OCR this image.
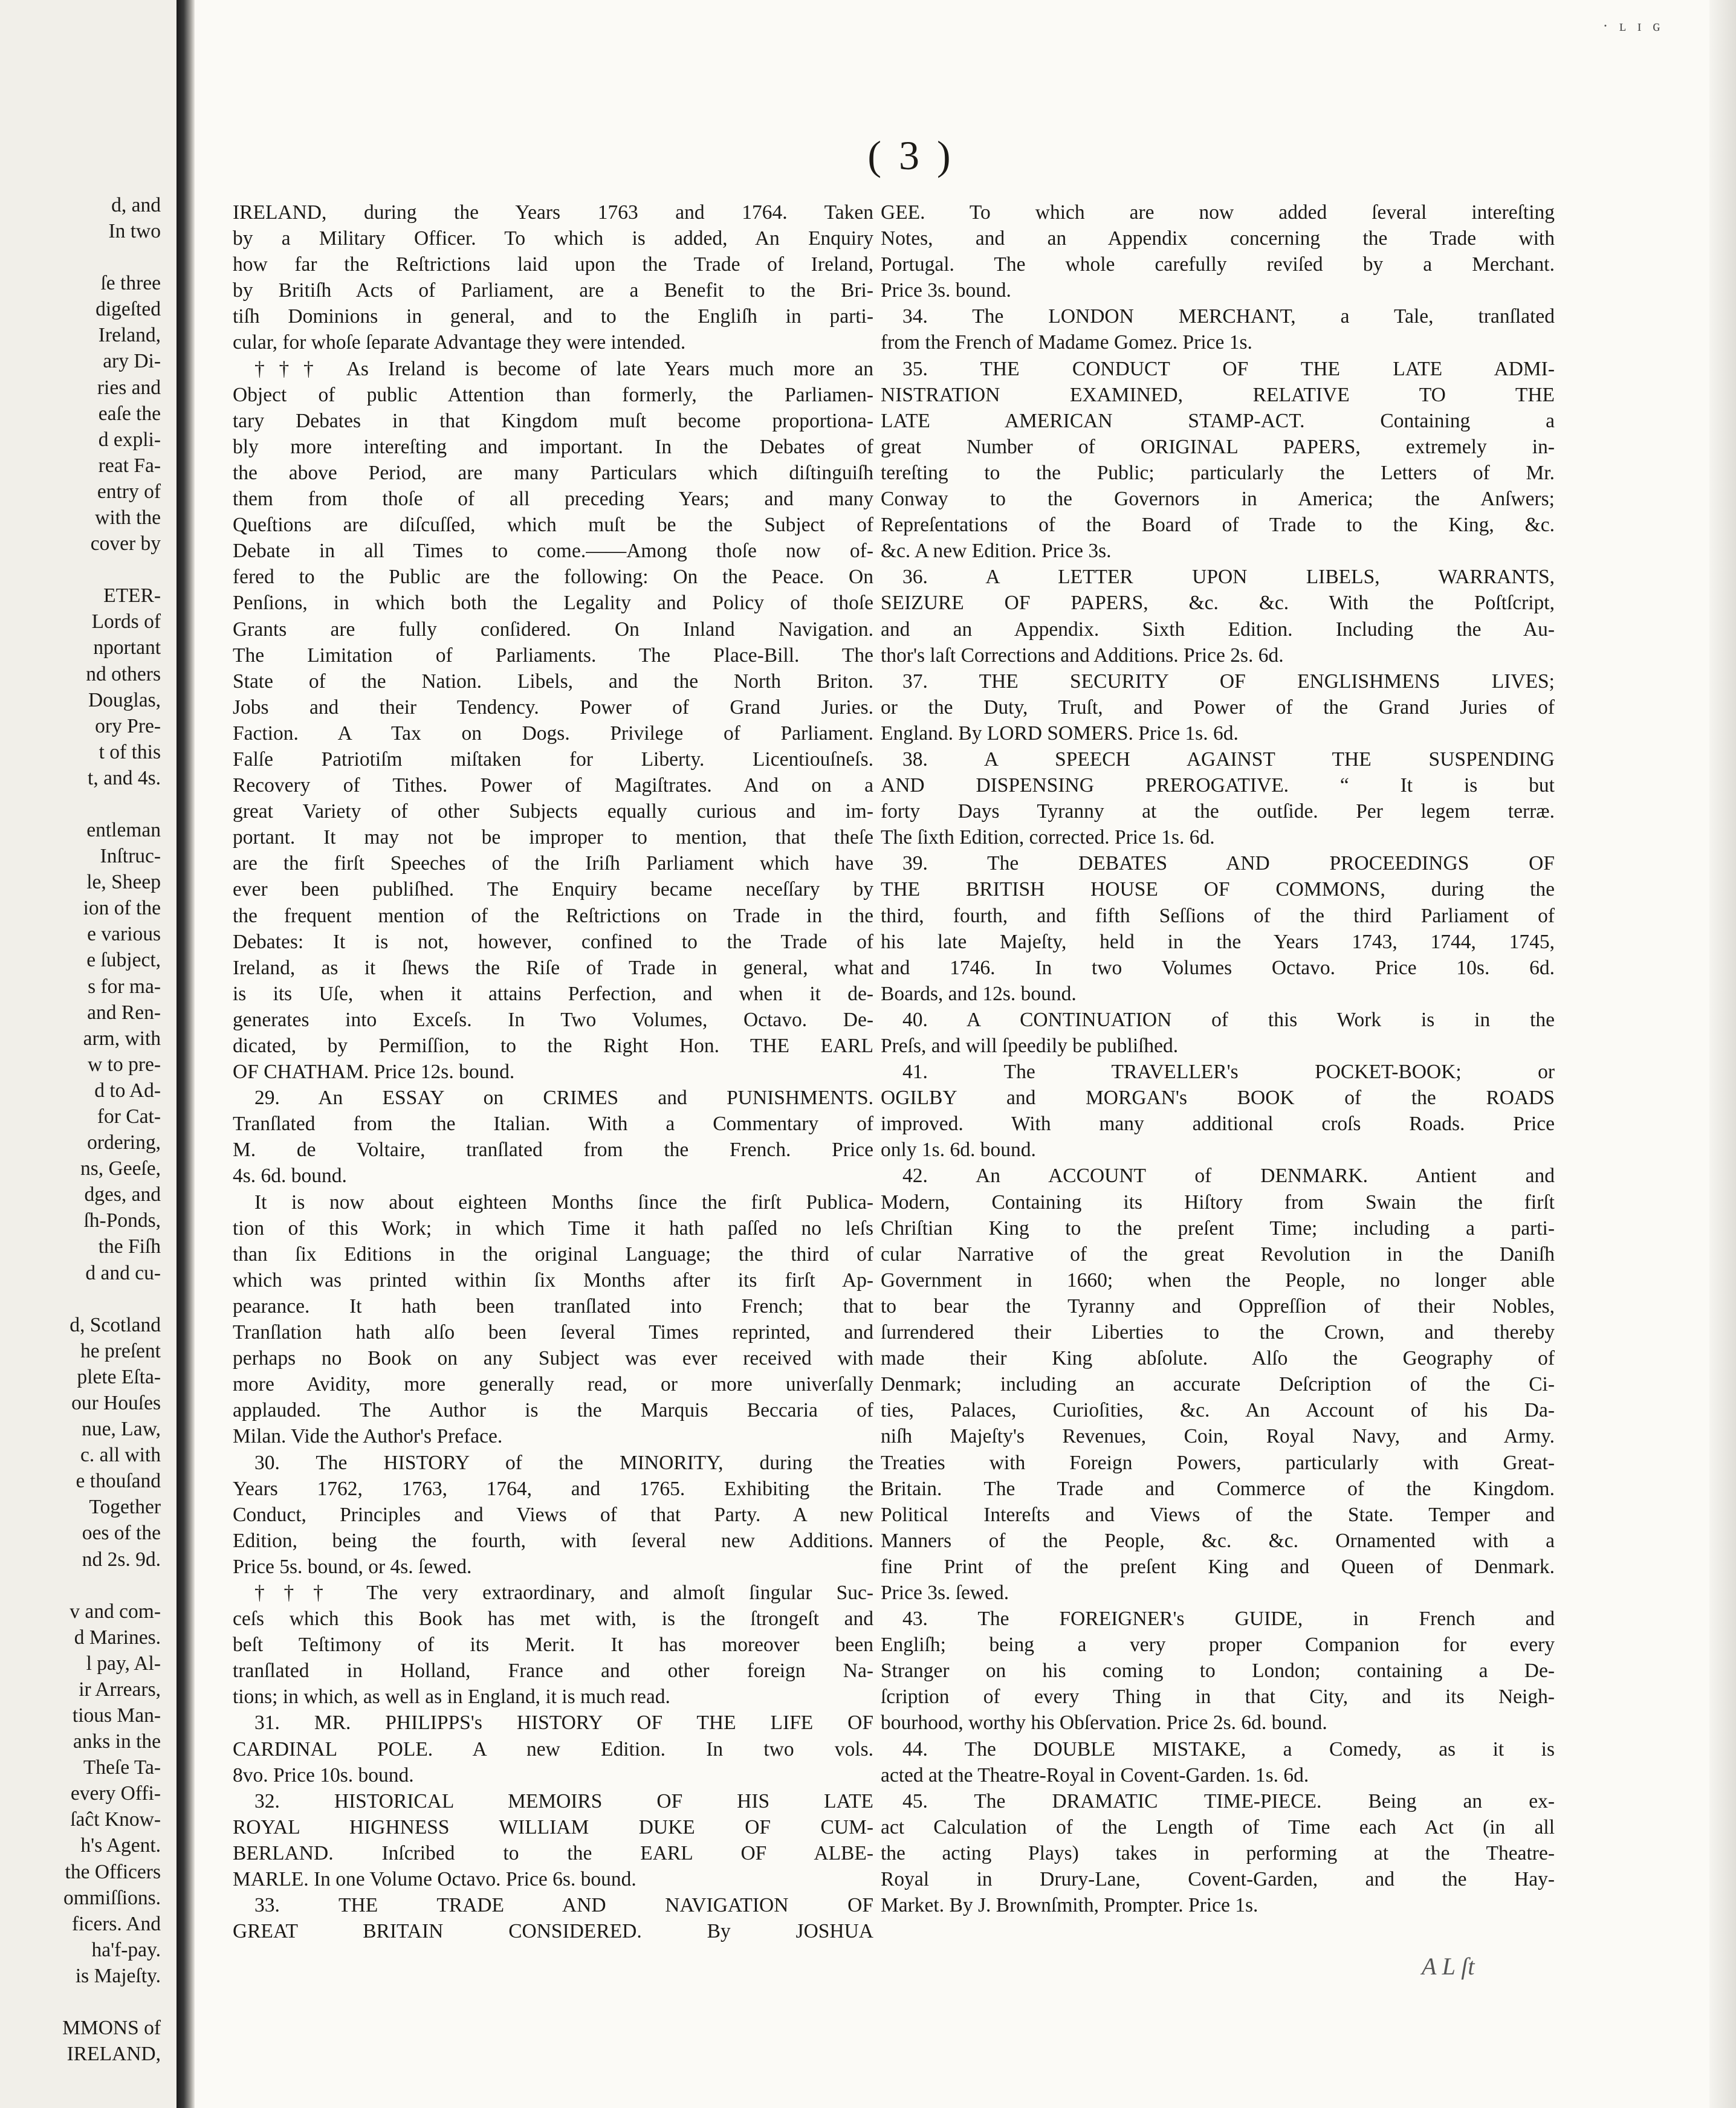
d, and
In two
ſe three
digeſted
Ireland,
ary Di-
ries and
eaſe the
d expli-
reat Fa-
entry of
with the
cover by
ETER-
Lords of
nportant
nd others
Douglas,
ory Pre-
t of this
t, and 4s.
entleman
Inſtruc-
le, Sheep
ion of the
e various
e ſubject,
s for ma-
and Ren-
arm, with
w to pre-
d to Ad-
for Cat-
ordering,
ns, Geeſe,
dges, and
ſh-Ponds,
the Fiſh
d and cu-
d, Scotland
he preſent
plete Eſta-
our Houſes
nue, Law,
c. all with
e thouſand
Together
oes of the
nd 2s. 9d.
v and com-
d Marines.
l pay, Al-
ir Arrears,
tious Man-
anks in the
Theſe Ta-
every Offi-
ſaĉt Know-
h's Agent.
the Officers
ommiſſions.
ficers. And
ha'f-pay.
is Majeſty.
MMONS of
IRELAND,
· ʟ ɪ ɢ
( 3 )
IRELAND, during the Years 1763 and 1764. Taken
by a Military Officer. To which is added, An Enquiry
how far the Reſtrictions laid upon the Trade of Ireland,
by Britiſh Acts of Parliament, are a Benefit to the Bri-
tiſh Dominions in general, and to the Engliſh in parti-
cular, for whoſe ſeparate Advantage they were intended.
††† As Ireland is become of late Years much more an
Object of public Attention than formerly, the Parliamen-
tary Debates in that Kingdom muſt become proportiona-
bly more intereſting and important. In the Debates of
the above Period, are many Particulars which diſtinguiſh
them from thoſe of all preceding Years; and many
Queſtions are diſcuſſed, which muſt be the Subject of
Debate in all Times to come.——Among thoſe now of-
fered to the Public are the following: On the Peace. On
Penſions, in which both the Legality and Policy of thoſe
Grants are fully conſidered. On Inland Navigation.
The Limitation of Parliaments. The Place-Bill. The
State of the Nation. Libels, and the North Briton.
Jobs and their Tendency. Power of Grand Juries.
Faction. A Tax on Dogs. Privilege of Parliament.
Falſe Patriotiſm miſtaken for Liberty. Licentiouſneſs.
Recovery of Tithes. Power of Magiſtrates. And on a
great Variety of other Subjects equally curious and im-
portant. It may not be improper to mention, that theſe
are the firſt Speeches of the Iriſh Parliament which have
ever been publiſhed. The Enquiry became neceſſary by
the frequent mention of the Reſtrictions on Trade in the
Debates: It is not, however, confined to the Trade of
Ireland, as it ſhews the Riſe of Trade in general, what
is its Uſe, when it attains Perfection, and when it de-
generates into Exceſs. In Two Volumes, Octavo. De-
dicated, by Permiſſion, to the Right Hon. THE EARL
OF CHATHAM. Price 12s. bound.
29. An ESSAY on CRIMES and PUNISHMENTS.
Tranſlated from the Italian. With a Commentary of
M. de Voltaire, tranſlated from the French. Price
4s. 6d. bound.
It is now about eighteen Months ſince the firſt Publica-
tion of this Work; in which Time it hath paſſed no leſs
than ſix Editions in the original Language; the third of
which was printed within ſix Months after its firſt Ap-
pearance. It hath been tranſlated into French; that
Tranſlation hath alſo been ſeveral Times reprinted, and
perhaps no Book on any Subject was ever received with
more Avidity, more generally read, or more univerſally
applauded. The Author is the Marquis Beccaria of
Milan. Vide the Author's Preface.
30. The HISTORY of the MINORITY, during the
Years 1762, 1763, 1764, and 1765. Exhibiting the
Conduct, Principles and Views of that Party. A new
Edition, being the fourth, with ſeveral new Additions.
Price 5s. bound, or 4s. ſewed.
††† The very extraordinary, and almoſt ſingular Suc-
ceſs which this Book has met with, is the ſtrongeſt and
beſt Teſtimony of its Merit. It has moreover been
tranſlated in Holland, France and other foreign Na-
tions; in which, as well as in England, it is much read.
31. MR. PHILIPPS's HISTORY OF THE LIFE OF
CARDINAL POLE. A new Edition. In two vols.
8vo. Price 10s. bound.
32. HISTORICAL MEMOIRS OF HIS LATE
ROYAL HIGHNESS WILLIAM DUKE OF CUM-
BERLAND. Inſcribed to the EARL OF ALBE-
MARLE. In one Volume Octavo. Price 6s. bound.
33. THE TRADE AND NAVIGATION OF
GREAT BRITAIN CONSIDERED. By JOSHUA
GEE. To which are now added ſeveral intereſting
Notes, and an Appendix concerning the Trade with
Portugal. The whole carefully reviſed by a Merchant.
Price 3s. bound.
34. The LONDON MERCHANT, a Tale, tranſlated
from the French of Madame Gomez. Price 1s.
35. THE CONDUCT OF THE LATE ADMI-
NISTRATION EXAMINED, RELATIVE TO THE
LATE AMERICAN STAMP-ACT. Containing a
great Number of ORIGINAL PAPERS, extremely in-
tereſting to the Public; particularly the Letters of Mr.
Conway to the Governors in America; the Anſwers;
Repreſentations of the Board of Trade to the King, &c.
&c. A new Edition. Price 3s.
36. A LETTER UPON LIBELS, WARRANTS,
SEIZURE OF PAPERS, &c. &c. With the Poſtſcript,
and an Appendix. Sixth Edition. Including the Au-
thor's laſt Corrections and Additions. Price 2s. 6d.
37. THE SECURITY OF ENGLISHMENS LIVES;
or the Duty, Truſt, and Power of the Grand Juries of
England. By LORD SOMERS. Price 1s. 6d.
38. A SPEECH AGAINST THE SUSPENDING
AND DISPENSING PREROGATIVE. “ It is but
forty Days Tyranny at the outſide. Per legem terræ.
The ſixth Edition, corrected. Price 1s. 6d.
39. The DEBATES AND PROCEEDINGS OF
THE BRITISH HOUSE OF COMMONS, during the
third, fourth, and fifth Seſſions of the third Parliament of
his late Majeſty, held in the Years 1743, 1744, 1745,
and 1746. In two Volumes Octavo. Price 10s. 6d.
Boards, and 12s. bound.
40. A CONTINUATION of this Work is in the
Preſs, and will ſpeedily be publiſhed.
41. The TRAVELLER's POCKET-BOOK; or
OGILBY and MORGAN's BOOK of the ROADS
improved. With many additional croſs Roads. Price
only 1s. 6d. bound.
42. An ACCOUNT of DENMARK. Antient and
Modern, Containing its Hiſtory from Swain the firſt
Chriſtian King to the preſent Time; including a parti-
cular Narrative of the great Revolution in the Daniſh
Government in 1660; when the People, no longer able
to bear the Tyranny and Oppreſſion of their Nobles,
ſurrendered their Liberties to the Crown, and thereby
made their King abſolute. Alſo the Geography of
Denmark; including an accurate Deſcription of the Ci-
ties, Palaces, Curioſities, &c. An Account of his Da-
niſh Majeſty's Revenues, Coin, Royal Navy, and Army.
Treaties with Foreign Powers, particularly with Great-
Britain. The Trade and Commerce of the Kingdom.
Political Intereſts and Views of the State. Temper and
Manners of the People, &c. &c. Ornamented with a
fine Print of the preſent King and Queen of Denmark.
Price 3s. ſewed.
43. The FOREIGNER's GUIDE, in French and
Engliſh; being a very proper Companion for every
Stranger on his coming to London; containing a De-
ſcription of every Thing in that City, and its Neigh-
bourhood, worthy his Obſervation. Price 2s. 6d. bound.
44. The DOUBLE MISTAKE, a Comedy, as it is
acted at the Theatre-Royal in Covent-Garden. 1s. 6d.
45. The DRAMATIC TIME-PIECE. Being an ex-
act Calculation of the Length of Time each Act (in all
the acting Plays) takes in performing at the Theatre-
Royal in Drury-Lane, Covent-Garden, and the Hay-
Market. By J. Brownſmith, Prompter. Price 1s.
A L ſt
